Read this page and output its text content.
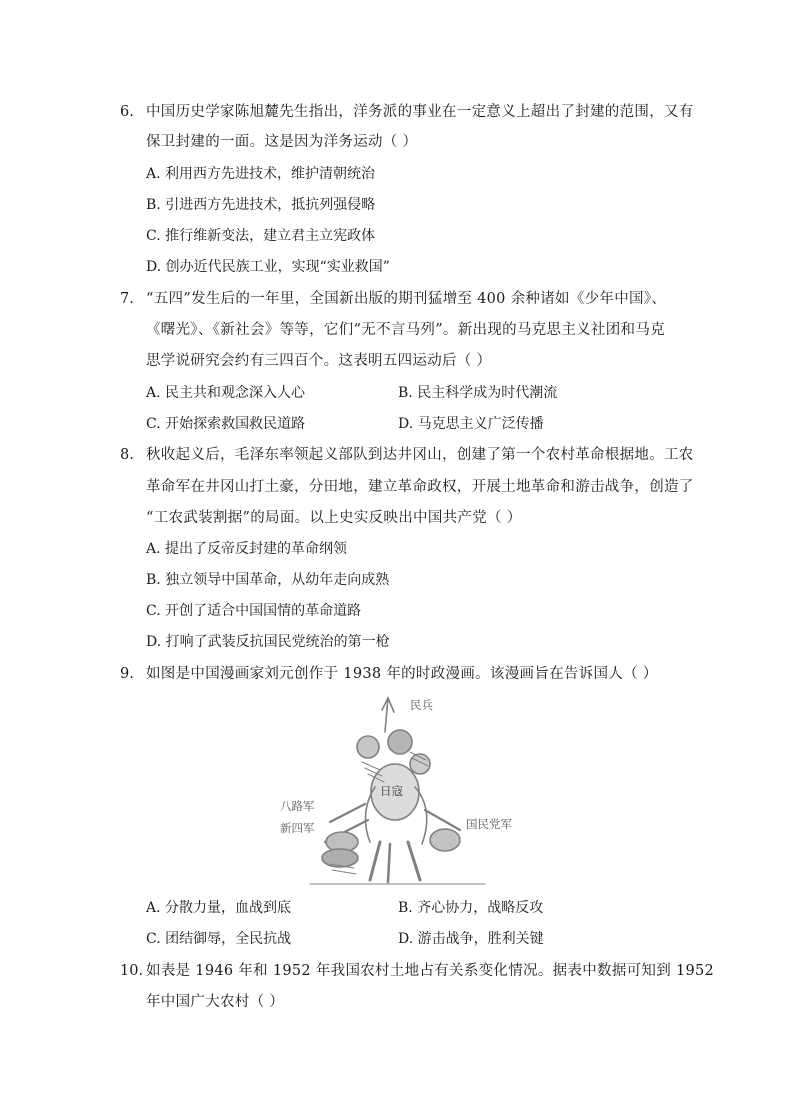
6. 中国历史学家陈旭麓先生指出，洋务派的事业在一定意义上超出了封建的范围，又有
保卫封建的一面。这是因为洋务运动（ ）
A. 利用西方先进技术，维护清朝统治
B. 引进西方先进技术，抵抗列强侵略
C. 推行维新变法，建立君主立宪政体
D. 创办近代民族工业，实现“实业救国”
7. “五四”发生后的一年里，全国新出版的期刊猛增至 400 余种诸如《少年中国》、
《曙光》、《新社会》等等，它们“无不言马列”。新出现的马克思主义社团和马克
思学说研究会约有三四百个。这表明五四运动后（ ）
A. 民主共和观念深入人心	B. 民主科学成为时代潮流
C. 开始探索救国救民道路	D. 马克思主义广泛传播
8. 秋收起义后，毛泽东率领起义部队到达井冈山，创建了第一个农村革命根据地。工农
革命军在井冈山打土豪，分田地，建立革命政权，开展土地革命和游击战争，创造了
“工农武装割据”的局面。以上史实反映出中国共产党（ ）
A. 提出了反帝反封建的革命纲领
B. 独立领导中国革命，从幼年走向成熟
C. 开创了适合中国国情的革命道路
D. 打响了武装反抗国民党统治的第一枪
9. 如图是中国漫画家刘元创作于 1938 年的时政漫画。该漫画旨在告诉国人（ ）
民兵
日寇
八路军
新四军	国民党军
A. 分散力量，血战到底	B. 齐心协力，战略反攻
C. 团结御辱，全民抗战	D. 游击战争，胜利关键
10. 如表是 1946 年和 1952 年我国农村土地占有关系变化情况。据表中数据可知到 1952
年中国广大农村（ ）
